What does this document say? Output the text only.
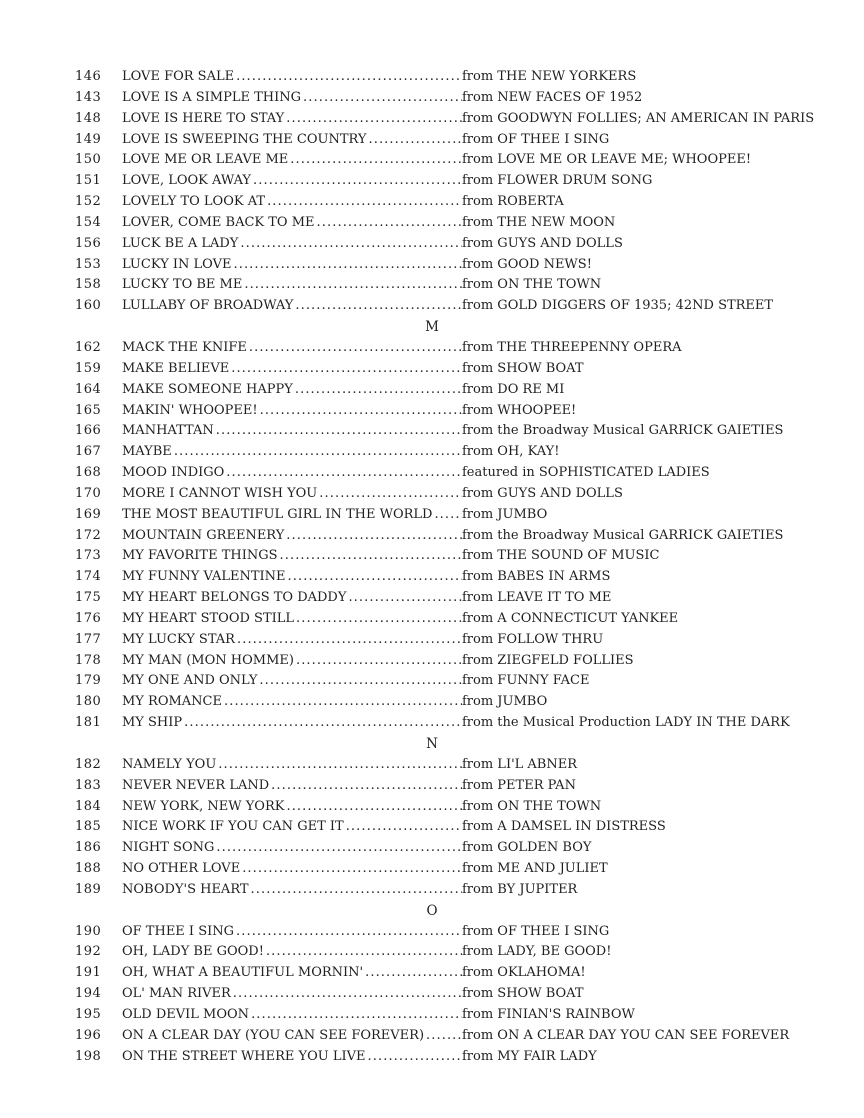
146	LOVE FOR SALE .....	from THE NEW YORKERS
143	LOVE IS A SIMPLE THING .....	from NEW FACES OF 1952
148	LOVE IS HERE TO STAY .....	from GOODWYN FOLLIES; AN AMERICAN IN PARIS
149	LOVE IS SWEEPING THE COUNTRY .....	from OF THEE I SING
150	LOVE ME OR LEAVE ME .....	from LOVE ME OR LEAVE ME; WHOOPEE!
151	LOVE, LOOK AWAY .....	from FLOWER DRUM SONG
152	LOVELY TO LOOK AT .....	from ROBERTA
154	LOVER, COME BACK TO ME .....	from THE NEW MOON
156	LUCK BE A LADY .....	from GUYS AND DOLLS
153	LUCKY IN LOVE .....	from GOOD NEWS!
158	LUCKY TO BE ME .....	from ON THE TOWN
160	LULLABY OF BROADWAY .....	from GOLD DIGGERS OF 1935; 42ND STREET
M
162	MACK THE KNIFE .....	from THE THREEPENNY OPERA
159	MAKE BELIEVE .....	from SHOW BOAT
164	MAKE SOMEONE HAPPY .....	from DO RE MI
165	MAKIN' WHOOPEE! .....	from WHOOPEE!
166	MANHATTAN .....	from the Broadway Musical GARRICK GAIETIES
167	MAYBE .....	from OH, KAY!
168	MOOD INDIGO .....	featured in SOPHISTICATED LADIES
170	MORE I CANNOT WISH YOU .....	from GUYS AND DOLLS
169	THE MOST BEAUTIFUL GIRL IN THE WORLD ..... from JUMBO
172	MOUNTAIN GREENERY .....	from the Broadway Musical GARRICK GAIETIES
173	MY FAVORITE THINGS .....	from THE SOUND OF MUSIC
174	MY FUNNY VALENTINE .....	from BABES IN ARMS
175	MY HEART BELONGS TO DADDY .....	from LEAVE IT TO ME
176	MY HEART STOOD STILL .....	from A CONNECTICUT YANKEE
177	MY LUCKY STAR .....	from FOLLOW THRU
178	MY MAN (MON HOMME) .....	from ZIEGFELD FOLLIES
179	MY ONE AND ONLY .....	from FUNNY FACE
180	MY ROMANCE .....	from JUMBO
181	MY SHIP .....	from the Musical Production LADY IN THE DARK
N
182	NAMELY YOU .....	from LI'L ABNER
183	NEVER NEVER LAND .....	from PETER PAN
184	NEW YORK, NEW YORK .....	from ON THE TOWN
185	NICE WORK IF YOU CAN GET IT .....	from A DAMSEL IN DISTRESS
186	NIGHT SONG .....	from GOLDEN BOY
188	NO OTHER LOVE .....	from ME AND JULIET
189	NOBODY'S HEART .....	from BY JUPITER
O
190	OF THEE I SING .....	from OF THEE I SING
192	OH, LADY BE GOOD! .....	from LADY, BE GOOD!
191	OH, WHAT A BEAUTIFUL MORNIN' .....	from OKLAHOMA!
194	OL' MAN RIVER .....	from SHOW BOAT
195	OLD DEVIL MOON .....	from FINIAN'S RAINBOW
196	ON A CLEAR DAY (YOU CAN SEE FOREVER) .....	from ON A CLEAR DAY YOU CAN SEE FOREVER
198	ON THE STREET WHERE YOU LIVE .....	from MY FAIR LADY
